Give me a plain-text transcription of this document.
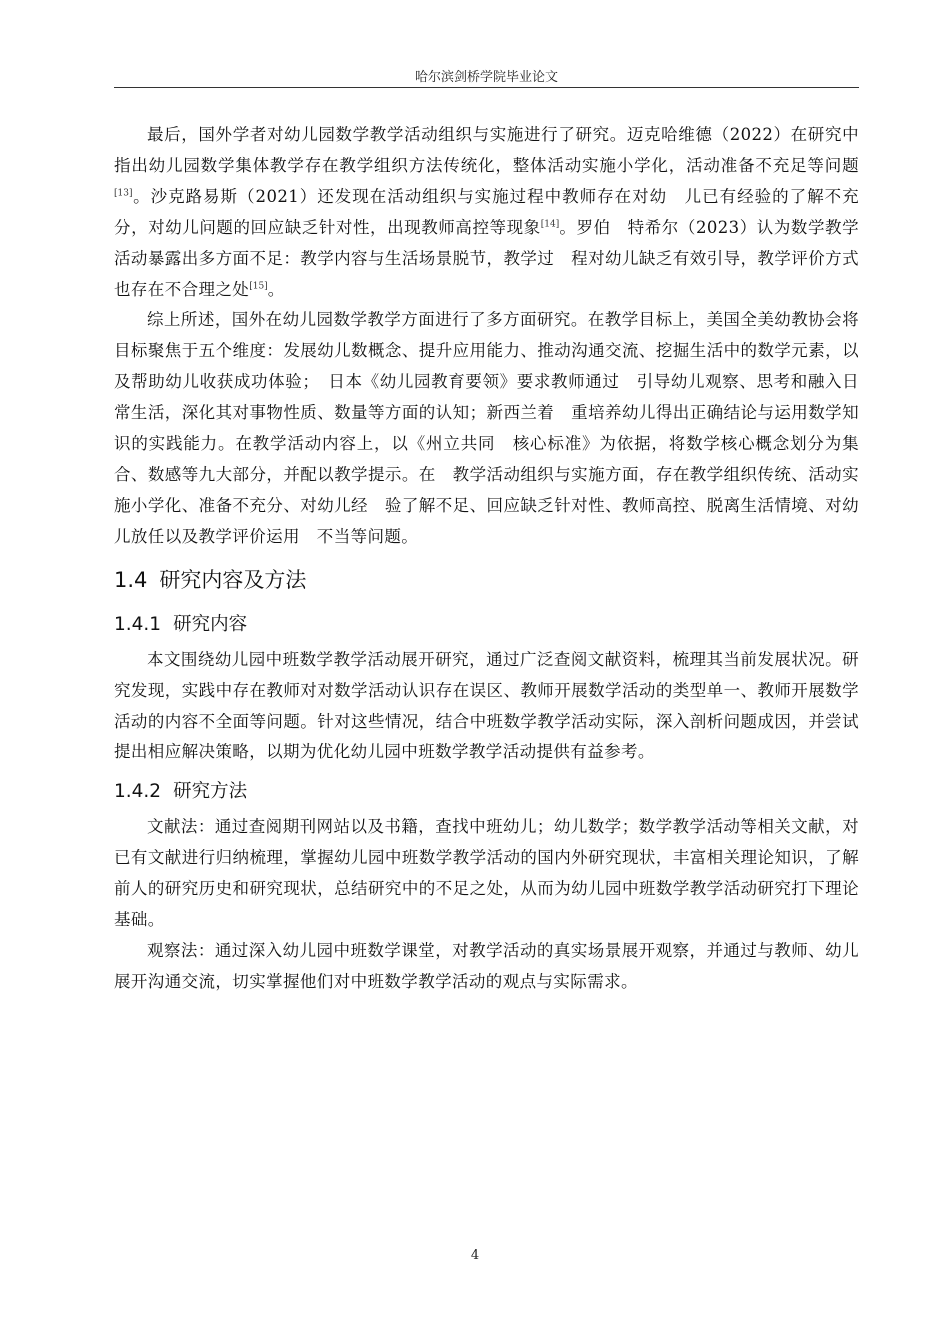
哈尔滨剑桥学院毕业论文

最后，国外学者对幼儿园数学教学活动组织与实施进行了研究。迈克哈维德（2022）在研究中指出幼儿园数学集体教学存在教学组织方法传统化，整体活动实施小学化，活动准备不充足等问题[13]。沙克路易斯（2021）还发现在活动组织与实施过程中教师存在对幼　儿已有经验的了解不充分，对幼儿问题的回应缺乏针对性，出现教师高控等现象[14]。罗伯　特希尔（2023）认为数学教学活动暴露出多方面不足：教学内容与生活场景脱节，教学过　程对幼儿缺乏有效引导，教学评价方式也存在不合理之处[15]。

综上所述，国外在幼儿园数学教学方面进行了多方面研究。在教学目标上，美国全美幼教协会将目标聚焦于五个维度：发展幼儿数概念、提升应用能力、推动沟通交流、挖掘生活中的数学元素，以及帮助幼儿收获成功体验；　日本《幼儿园教育要领》要求教师通过　引导幼儿观察、思考和融入日常生活，深化其对事物性质、数量等方面的认知；新西兰着　重培养幼儿得出正确结论与运用数学知识的实践能力。在教学活动内容上，以《州立共同　核心标准》为依据，将数学核心概念划分为集合、数感等九大部分，并配以教学提示。在　教学活动组织与实施方面，存在教学组织传统、活动实施小学化、准备不充分、对幼儿经　验了解不足、回应缺乏针对性、教师高控、脱离生活情境、对幼儿放任以及教学评价运用　不当等问题。

1.4 研究内容及方法
1.4.1 研究内容

本文围绕幼儿园中班数学教学活动展开研究，通过广泛查阅文献资料，梳理其当前发展状况。研究发现，实践中存在教师对对数学活动认识存在误区、教师开展数学活动的类型单一、教师开展数学活动的内容不全面等问题。针对这些情况，结合中班数学教学活动实际，深入剖析问题成因，并尝试提出相应解决策略，以期为优化幼儿园中班数学教学活动提供有益参考。

1.4.2 研究方法

文献法：通过查阅期刊网站以及书籍，查找中班幼儿；幼儿数学；数学教学活动等相关文献，对已有文献进行归纳梳理，掌握幼儿园中班数学教学活动的国内外研究现状，丰富相关理论知识，了解前人的研究历史和研究现状，总结研究中的不足之处，从而为幼儿园中班数学教学活动研究打下理论基础。

观察法：通过深入幼儿园中班数学课堂，对教学活动的真实场景展开观察，并通过与教师、幼儿展开沟通交流，切实掌握他们对中班数学教学活动的观点与实际需求。

4
